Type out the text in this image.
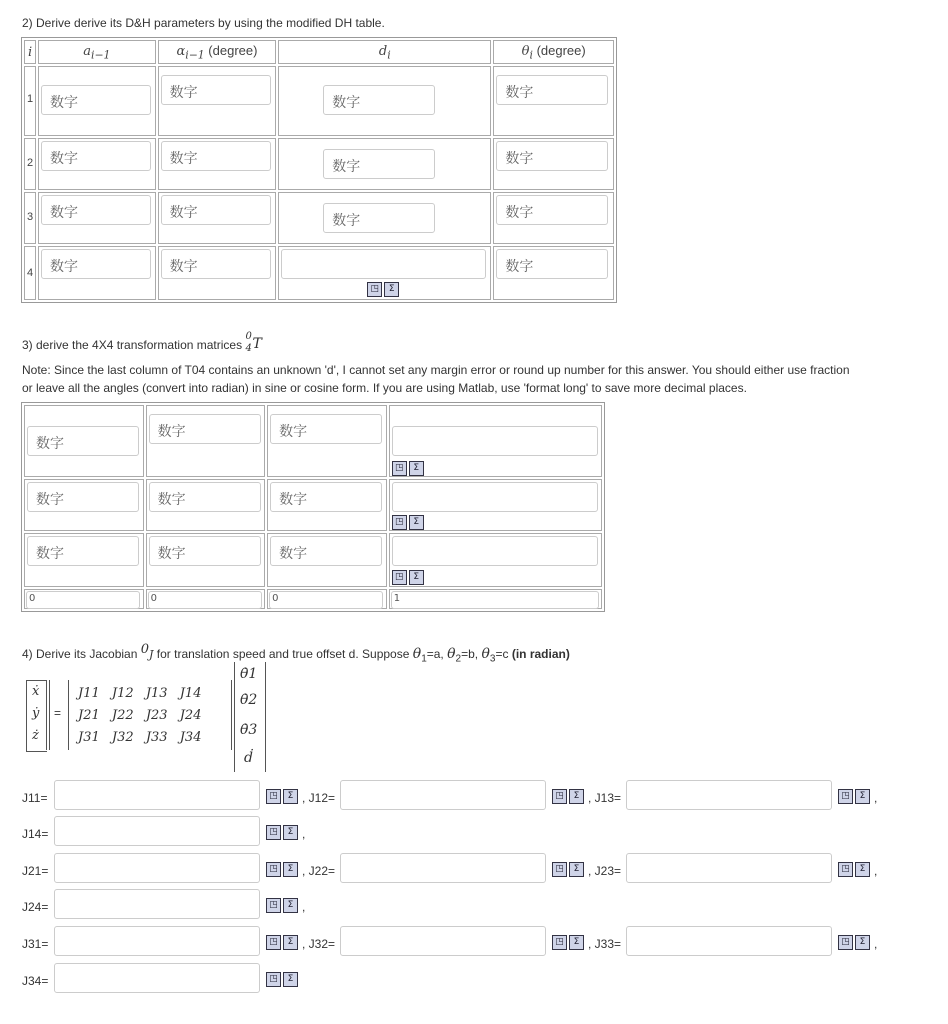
2) Derive derive its D&H parameters by using the modified DH table.
i	$a_{i-1}$	$\alpha_{i-1}$ (degree)	$d_i$	$\theta_i$ (degree)

1	数字	数字	数字	数字

2	数字	数字	数字	数字

3	数字	数字	数字	数字

4	数字	数字	◳ Σ	数字
3) derive the 4X4 transformation matrices
0
4 T
Note: Since the last column of T04 contains an unknown 'd', I cannot set any margin error or round up number for this answer. You should either use fraction
or leave all the angles (convert into radian) in sine or cosine form. If you are using Matlab, use 'format long' to save more decimal places.
数字	数字	数字	◳ Σ

数字	数字	数字	◳ Σ

数字	数字	数字	◳ Σ

0	0	0	1
4) Derive its Jacobian $^0$J for translation speed and true offset d. Suppose $\theta_1=a$, $\theta_2=b$, $\theta_3=c$ (in radian)
ẋ
ẏ
ż
=
J11 J12 J13 J14
J21 J22 J23 J24
J31 J32 J33 J34
θ̇1
θ̇2
θ̇3
ḋ
J11=	◳	Σ , J12=	◳	Σ , J13=	◳	Σ ,
J14=	◳	Σ ,
J21=	◳	Σ , J22=	◳	Σ , J23=	◳	Σ ,
J24=	◳	Σ ,
J31=	◳	Σ , J32=	◳	Σ , J33=	◳	Σ ,
J34=	◳	Σ
